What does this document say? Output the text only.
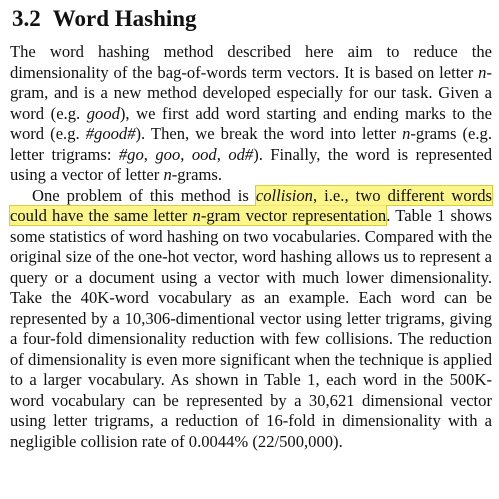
3.2 Word Hashing

The word hashing method described here aim to reduce the dimensionality of the bag-of-words term vectors. It is based on letter n-gram, and is a new method developed especially for our task. Given a word (e.g. good), we first add word starting and ending marks to the word (e.g. #good#). Then, we break the word into letter n-grams (e.g. letter trigrams: #go, goo, ood, od#). Finally, the word is represented using a vector of letter n-grams.

One problem of this method is collision, i.e., two different words could have the same letter n-gram vector representation. Table 1 shows some statistics of word hashing on two vocabularies. Compared with the original size of the one-hot vector, word hashing allows us to represent a query or a document using a vector with much lower dimensionality. Take the 40K-word vocabulary as an example. Each word can be represented by a 10,306-dimentional vector using letter trigrams, giving a four-fold dimensionality reduction with few collisions. The reduction of dimensionality is even more significant when the technique is applied to a larger vocabulary. As shown in Table 1, each word in the 500K-word vocabulary can be represented by a 30,621 dimensional vector using letter trigrams, a reduction of 16-fold in dimensionality with a negligible collision rate of 0.0044% (22/500,000).
